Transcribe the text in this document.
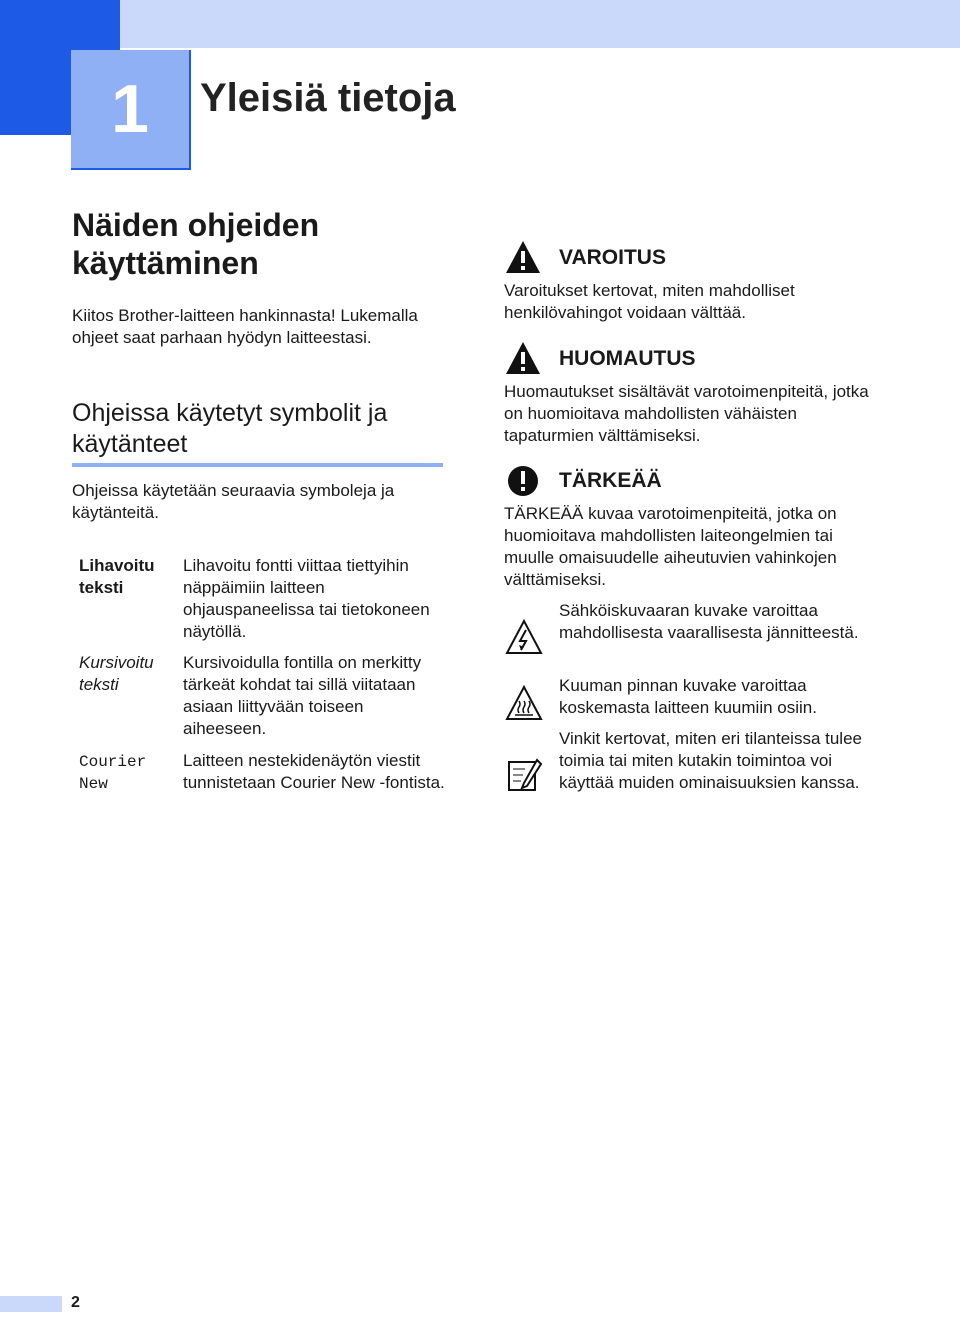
1	Yleisiä tietoja
Näiden ohjeiden käyttäminen
Kiitos Brother-laitteen hankinnasta! Lukemalla ohjeet saat parhaan hyödyn laitteestasi.
Ohjeissa käytetyt symbolit ja käytänteet
Ohjeissa käytetään seuraavia symboleja ja käytänteitä.
Lihavoitu teksti
Lihavoitu fontti viittaa tiettyihin näppäimiin laitteen ohjauspaneelissa tai tietokoneen näytöllä.
Kursivoitu teksti
Kursivoidulla fontilla on merkitty tärkeät kohdat tai sillä viitataan asiaan liittyvään toiseen aiheeseen.
Courier New
Laitteen nestekidenäytön viestit tunnistetaan Courier New -fontista.
VAROITUS
Varoitukset kertovat, miten mahdolliset henkilövahingot voidaan välttää.
HUOMAUTUS
Huomautukset sisältävät varotoimenpiteitä, jotka on huomioitava mahdollisten vähäisten tapaturmien välttämiseksi.
TÄRKEÄÄ
TÄRKEÄÄ kuvaa varotoimenpiteitä, jotka on huomioitava mahdollisten laiteongelmien tai muulle omaisuudelle aiheutuvien vahinkojen välttämiseksi.
Sähköiskuvaaran kuvake varoittaa mahdollisesta vaarallisesta jännitteestä.
Kuuman pinnan kuvake varoittaa koskemasta laitteen kuumiin osiin.
Vinkit kertovat, miten eri tilanteissa tulee toimia tai miten kutakin toimintoa voi käyttää muiden ominaisuuksien kanssa.
2
